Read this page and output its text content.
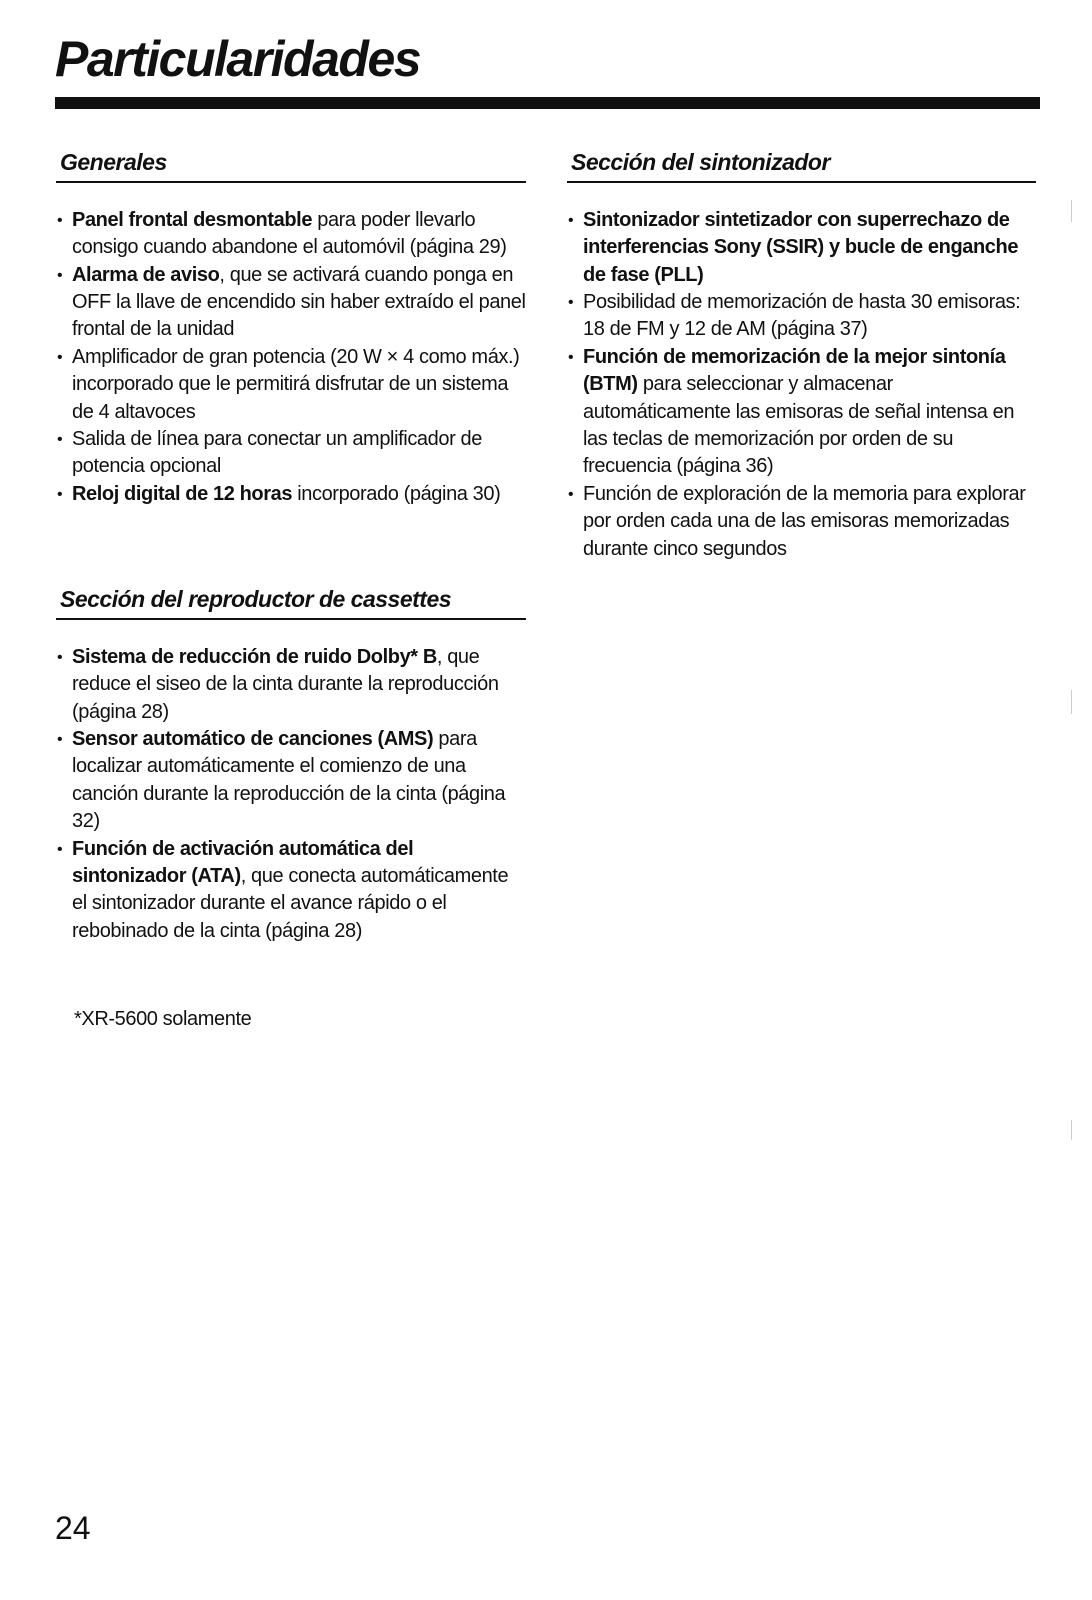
Particularidades
Generales
• Panel frontal desmontable para poder llevarlo consigo cuando abandone el automóvil (página 29)
• Alarma de aviso, que se activará cuando ponga en OFF la llave de encendido sin haber extraído el panel frontal de la unidad
• Amplificador de gran potencia (20 W × 4 como máx.) incorporado que le permitirá disfrutar de un sistema de 4 altavoces
• Salida de línea para conectar un amplificador de potencia opcional
• Reloj digital de 12 horas incorporado (página 30)
Sección del reproductor de cassettes
• Sistema de reducción de ruido Dolby* B, que reduce el siseo de la cinta durante la reproducción (página 28)
• Sensor automático de canciones (AMS) para localizar automáticamente el comienzo de una canción durante la reproducción de la cinta (página 32)
• Función de activación automática del sintonizador (ATA), que conecta automáticamente el sintonizador durante el avance rápido o el rebobinado de la cinta (página 28)
Sección del sintonizador
• Sintonizador sintetizador con superrechazo de interferencias Sony (SSIR) y bucle de enganche de fase (PLL)
• Posibilidad de memorización de hasta 30 emisoras: 18 de FM y 12 de AM (página 37)
• Función de memorización de la mejor sintonía (BTM) para seleccionar y almacenar automáticamente las emisoras de señal intensa en las teclas de memorización por orden de su frecuencia (página 36)
• Función de exploración de la memoria para explorar por orden cada una de las emisoras memorizadas durante cinco segundos
*XR-5600 solamente
24
